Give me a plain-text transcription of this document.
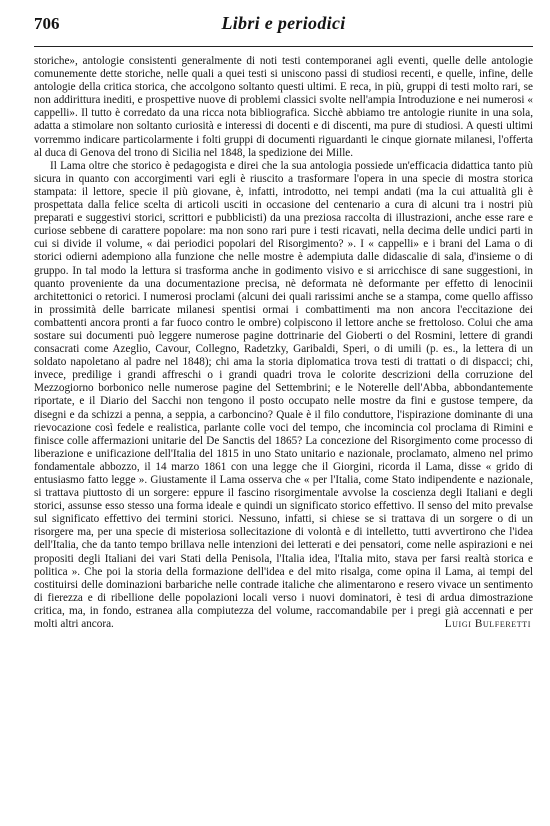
706	Libri e periodici

storiche», antologie consistenti generalmente di noti testi contemporanei agli eventi, quelle delle antologie comunemente dette storiche, nelle quali a quei testi si uniscono passi di studiosi recenti, e quelle, infine, delle antologie della critica storica, che accolgono soltanto questi ultimi. E reca, in più, gruppi di testi molto rari, se non addirittura inediti, e prospettive nuove di problemi classici svolte nell'ampia Introduzione e nei numerosi « cappelli». Il tutto è corredato da una ricca nota bibliografica. Sicchè abbiamo tre antologie riunite in una sola, adatta a stimolare non soltanto curiosità e interessi di docenti e di discenti, ma pure di studiosi. A questi ultimi vorremmo indicare particolarmente i folti gruppi di documenti riguardanti le cinque giornate milanesi, l'offerta al duca di Genova del trono di Sicilia nel 1848, la spedizione dei Mille.

Il Lama oltre che storico è pedagogista e direi che la sua antologia possiede un'efficacia didattica tanto più sicura in quanto con accorgimenti vari egli è riuscito a trasformare l'opera in una specie di mostra storica stampata: il lettore, specie il più giovane, è, infatti, introdotto, nei tempi andati (ma la cui attualità gli è prospettata dalla felice scelta di articoli usciti in occasione del centenario a cura di alcuni tra i nostri più preparati e suggestivi storici, scrittori e pubblicisti) da una preziosa raccolta di illustrazioni, anche esse rare e curiose sebbene di carattere popolare: ma non sono rari pure i testi ricavati, nella decima delle undici parti in cui si divide il volume, « dai periodici popolari del Risorgimento? ». I « cappelli» e i brani del Lama o di storici odierni adempiono alla funzione che nelle mostre è adempiuta dalle didascalie di sala, d'insieme o di gruppo. In tal modo la lettura si trasforma anche in godimento visivo e si arricchisce di sane suggestioni, in quanto proveniente da una documentazione precisa, nè deformata nè deformante per effetto di lenocinii architettonici o retorici. I numerosi proclami (alcuni dei quali rarissimi anche se a stampa, come quello affisso in prossimità delle barricate milanesi spentisi ormai i combattimenti ma non ancora l'eccitazione dei combattenti ancora pronti a far fuoco contro le ombre) colpiscono il lettore anche se frettoloso. Colui che ama sostare sui documenti può leggere numerose pagine dottrinarie del Gioberti o del Rosmini, lettere di grandi consacrati come Azeglio, Cavour, Collegno, Radetzky, Garibaldi, Speri, o di umili (p. es., la lettera di un soldato napoletano al padre nel 1848); chi ama la storia diplomatica trova testi di trattati o di dispacci; chi, invece, predilige i grandi affreschi o i grandi quadri trova le colorite descrizioni della corruzione del Mezzogiorno borbonico nelle numerose pagine del Settembrini; e le Noterelle dell'Abba, abbondantemente riportate, e il Diario del Sacchi non tengono il posto occupato nelle mostre da fini e gustose tempere, da disegni e da schizzi a penna, a seppia, a carboncino? Quale è il filo conduttore, l'ispirazione dominante di una rievocazione così fedele e realistica, parlante colle voci del tempo, che incomincia col proclama di Rimini e finisce colle affermazioni unitarie del De Sanctis del 1865? La concezione del Risorgimento come processo di liberazione e unificazione dell'Italia del 1815 in uno Stato unitario e nazionale, proclamato, almeno nel primo fondamentale abbozzo, il 14 marzo 1861 con una legge che il Giorgini, ricorda il Lama, disse « grido di entusiasmo fatto legge ». Giustamente il Lama osserva che « per l'Italia, come Stato indipendente e nazionale, si trattava piuttosto di un sorgere: eppure il fascino risorgimentale avvolse la coscienza degli Italiani e degli storici, assunse esso stesso una forma ideale e quindi un significato storico effettivo. Il senso del mito prevalse sul significato effettivo dei termini storici. Nessuno, infatti, si chiese se si trattava di un sorgere o di un risorgere ma, per una specie di misteriosa sollecitazione di volontà e di intelletto, tutti avvertirono che l'idea dell'Italia, che da tanto tempo brillava nelle intenzioni dei letterati e dei pensatori, come nelle aspirazioni e nei propositi degli Italiani dei vari Stati della Penisola, l'Italia idea, l'Italia mito, stava per farsi realtà storica e politica ». Che poi la storia della formazione dell'idea e del mito risalga, come opina il Lama, ai tempi del costituirsi delle dominazioni barbariche nelle contrade italiche che alimentarono e resero vivace un sentimento di fierezza e di ribellione delle popolazioni locali verso i nuovi dominatori, è tesi di ardua dimostrazione critica, ma, in fondo, estranea alla compiutezza del volume, raccomandabile per i pregi già accennati e per molti altri ancora.	Luigi Bulferetti
